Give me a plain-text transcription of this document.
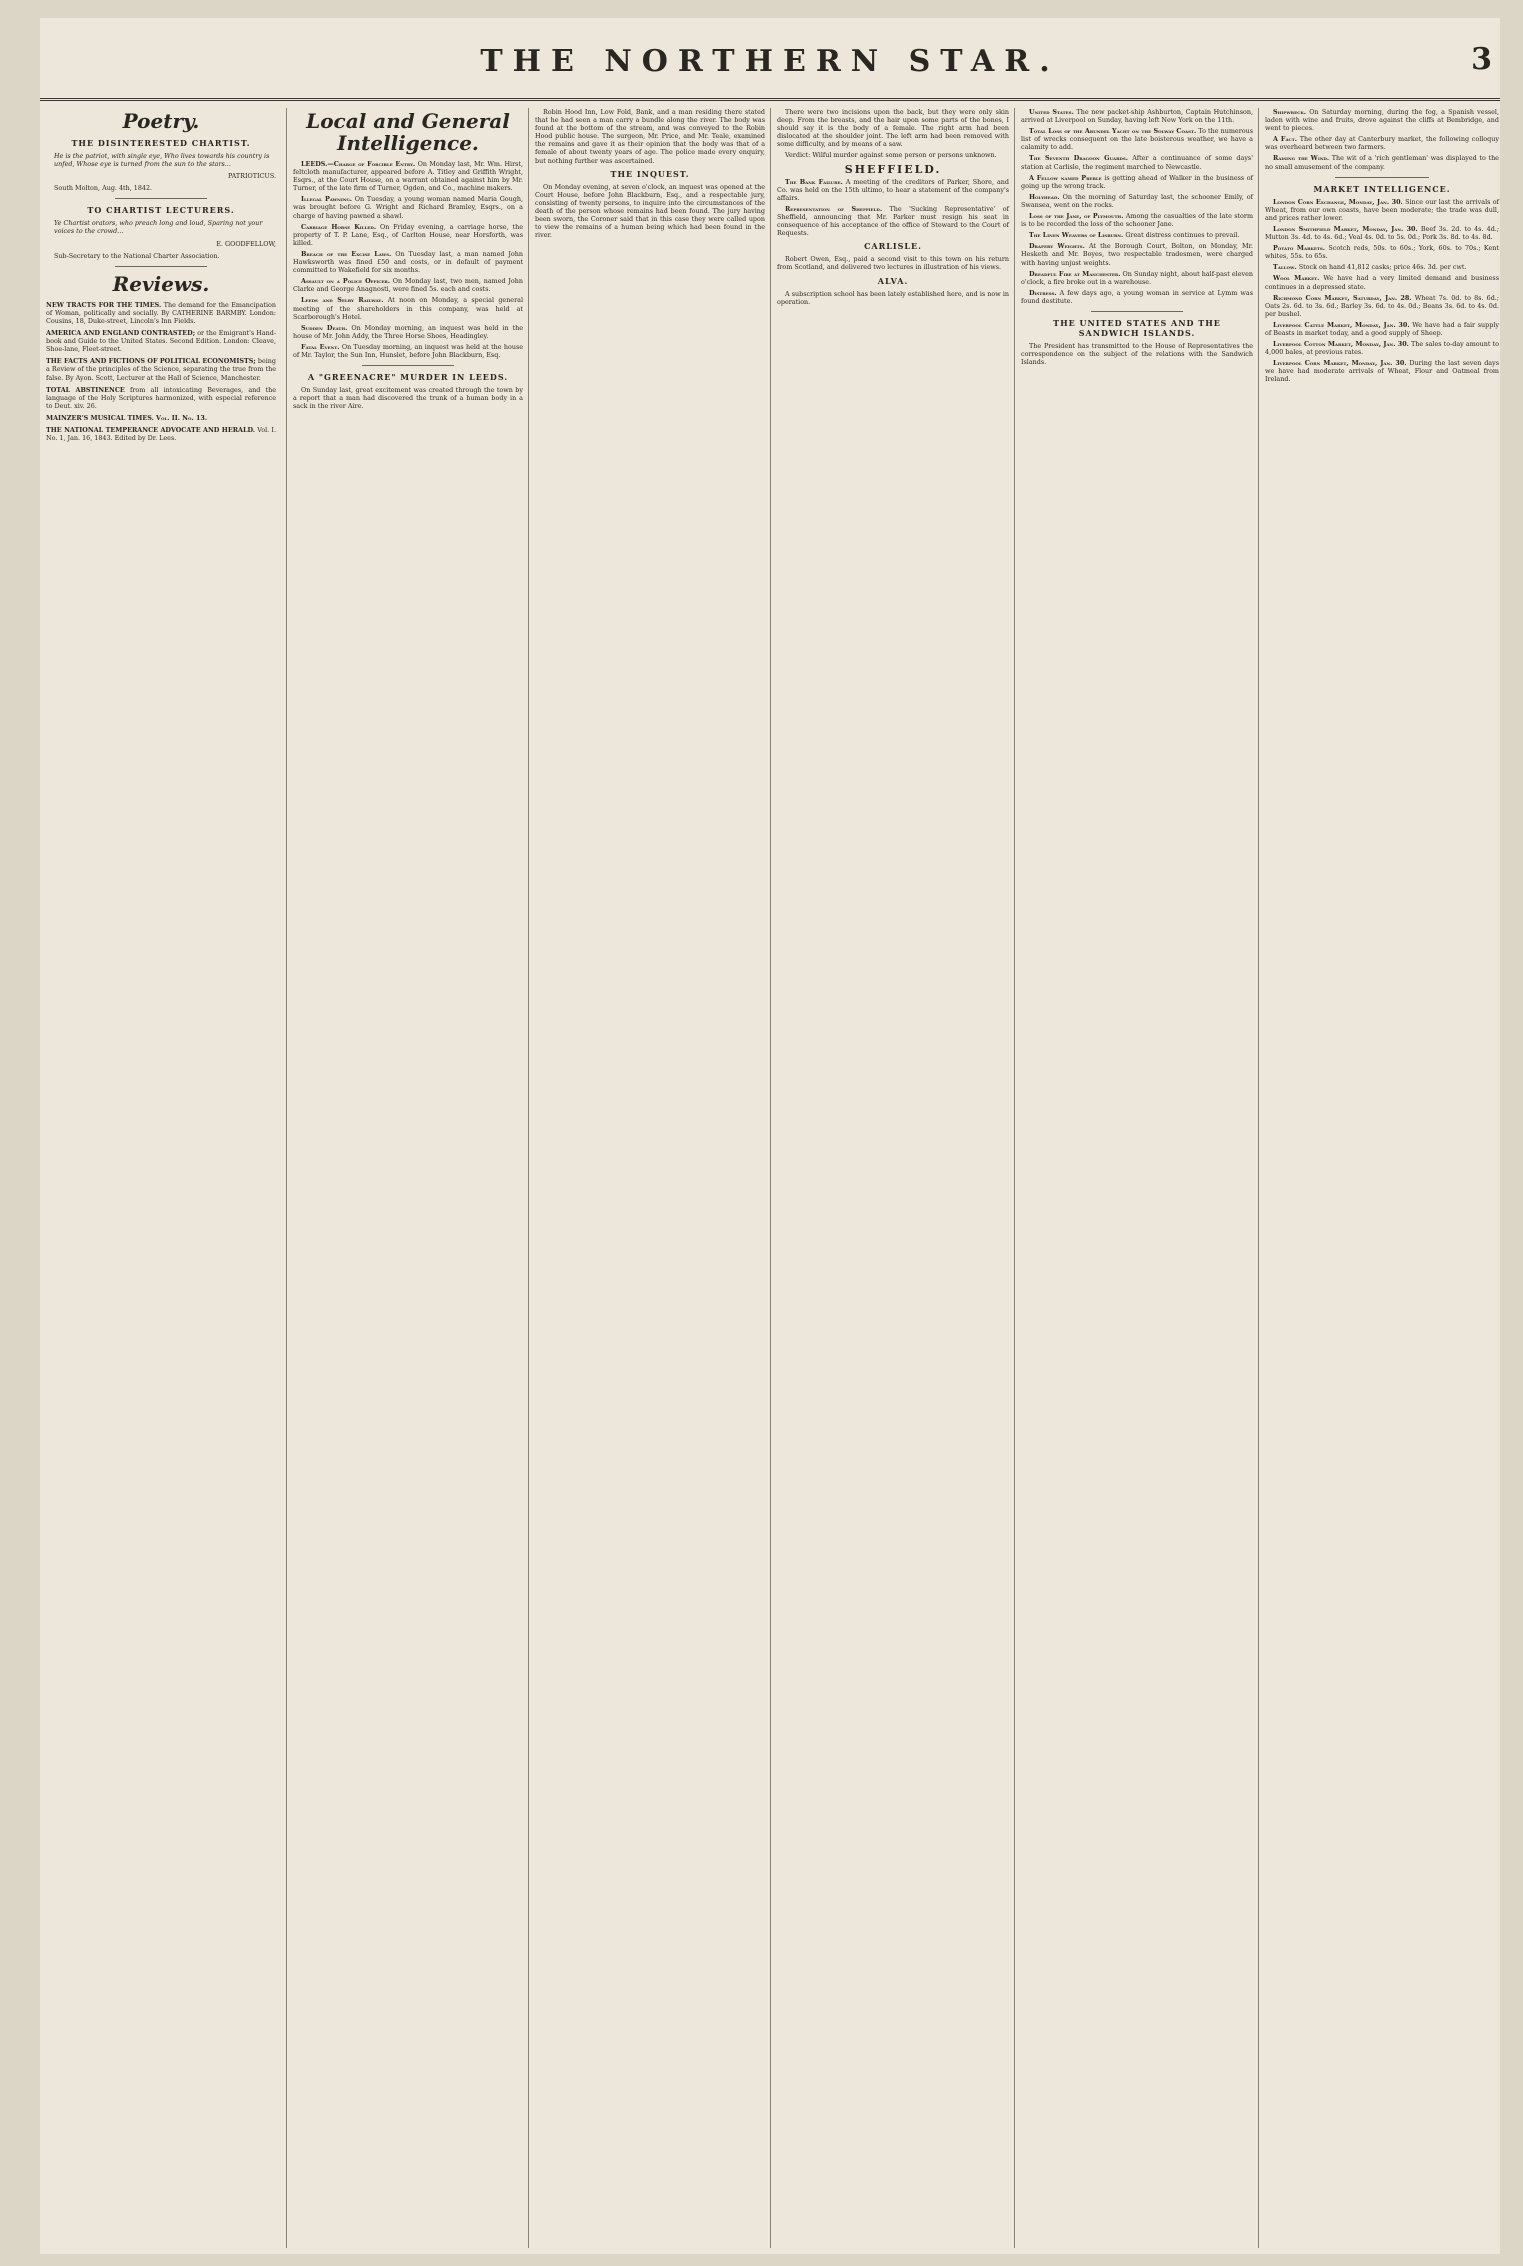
THE NORTHERN STAR.	3
Poetry.
THE DISINTERESTED CHARTIST.
He is the patriot, with single eye, Who lives towards his country is unfed, Whose eye is turned from the sun to the stars...
PATRIOTICUS.
South Molton, Aug. 4th, 1842.
TO CHARTIST LECTURERS.
Ye Chartist orators, who preach long and loud, Sparing not your voices to the crowd...
E. GOODFELLOW,
Sub-Secretary to the National Charter Association.
Reviews.
NEW TRACTS FOR THE TIMES. The demand for the Emancipation of Woman, politically and socially. By CATHERINE BARMBY. London: Cousins, 18, Duke-street, Lincoln's Inn Fields.
AMERICA AND ENGLAND CONTRASTED; or the Emigrant's Hand-book and Guide to the United States. Second Edition. London: Cleave, Shoe-lane, Fleet-street.
THE FACTS AND FICTIONS OF POLITICAL ECONOMISTS; being a Review of the principles of the Science, separating the true from the false. By Ayon. Scott, Lecturer at the Hall of Science, Manchester.
TOTAL ABSTINENCE from all intoxicating Beverages, and the language of the Holy Scriptures harmonized, with especial reference to Deut. xiv. 26.
MAINZER'S MUSICAL TIMES. Vol. II. No. 13.
THE NATIONAL TEMPERANCE ADVOCATE AND HERALD. Vol. I. No. 1, Jan. 16, 1843. Edited by Dr. Lees.
Local and General Intelligence.
LEEDS.—Charge of Forcible Entry. On Monday last, Mr. Wm. Hirst, feltcloth manufacturer, appeared before A. Titley and Griffith Wright, Esqrs., at the Court House, on a warrant obtained against him by Mr. Turner, of the late firm of Turner, Ogden, and Co., machine makers.
Illegal Pawning. On Tuesday, a young woman named Maria Gough, was brought before G. Wright and Richard Bramley, Esqrs., on a charge of having pawned a shawl.
Carriage Horse Killed. On Friday evening, a carriage horse, the property of T. P. Lane, Esq., of Carlton House, near Horsforth, was killed.
Breach of the Excise Laws. On Tuesday last, a man named John Hawksworth was fined £50 and costs, or in default of payment committed to Wakefield for six months.
Assault on a Police Officer. On Monday last, two men, named John Clarke and George Anagnosti, were fined 5s. each and costs.
Leeds and Selby Railway. At noon on Monday, a special general meeting of the shareholders in this company, was held at Scarborough's Hotel.
Sudden Death. On Monday morning, an inquest was held in the house of Mr. John Addy, the Three Horse Shoes, Headingley.
Fatal Event. On Tuesday morning, an inquest was held at the house of Mr. Taylor, the Sun Inn, Hunslet, before John Blackburn, Esq.
A "GREENACRE" MURDER IN LEEDS.
On Sunday last, great excitement was created through the town by a report that a man had discovered the trunk of a human body in a sack in the river Aire.
Robin Hood Inn, Low Fold, Bank, and a man residing there stated that he had seen a man carry a bundle along the river. The body was found at the bottom of the stream, and was conveyed to the Robin Hood public house. The surgeon, Mr. Price, and Mr. Teale, examined the remains and gave it as their opinion that the body was that of a female of about twenty years of age. The police made every enquiry, but nothing further was ascertained.
THE INQUEST.
On Monday evening, at seven o'clock, an inquest was opened at the Court House, before John Blackburn, Esq., and a respectable jury, consisting of twenty persons, to inquire into the circumstances of the death of the person whose remains had been found. The jury having been sworn, the Coroner said that in this case they were called upon to view the remains of a human being which had been found in the river.
There were two incisions upon the back, but they were only skin deep. From the breasts, and the hair upon some parts of the bones, I should say it is the body of a female. The right arm had been dislocated at the shoulder joint. The left arm had been removed with some difficulty, and by means of a saw.
Verdict: Wilful murder against some person or persons unknown.
SHEFFIELD.
The Bank Failure. A meeting of the creditors of Parker, Shore, and Co. was held on the 15th ultimo, to hear a statement of the company's affairs.
Representation of Sheffield. The 'Sucking Representative' of Sheffield, announcing that Mr. Parker must resign his seat in consequence of his acceptance of the office of Steward to the Court of Requests.
CARLISLE.
Robert Owen, Esq., paid a second visit to this town on his return from Scotland, and delivered two lectures in illustration of his views.
ALVA.
A subscription school has been lately established here, and is now in operation.
United States. The new packet-ship Ashburton, Captain Hutchinson, arrived at Liverpool on Sunday, having left New York on the 11th.
Total Loss of the Arundel Yacht on the Solway Coast. To the numerous list of wrecks consequent on the late boisterous weather, we have a calamity to add.
The Seventh Dragoon Guards. After a continuance of some days' station at Carlisle, the regiment marched to Newcastle.
A Fellow named Preble is getting ahead of Walker in the business of going up the wrong track.
Holyhead. On the morning of Saturday last, the schooner Emily, of Swansea, went on the rocks.
Loss of the Jane, of Plymouth. Among the casualties of the late storm is to be recorded the loss of the schooner Jane.
The Linen Weavers of Lisburn. Great distress continues to prevail.
Drapery Weights. At the Borough Court, Bolton, on Monday, Mr. Hesketh and Mr. Boyes, two respectable tradesmen, were charged with having unjust weights.
Dreadful Fire at Manchester. On Sunday night, about half-past eleven o'clock, a fire broke out in a warehouse.
Distress. A few days ago, a young woman in service at Lymm was found destitute.
THE UNITED STATES AND THE SANDWICH ISLANDS.
The President has transmitted to the House of Representatives the correspondence on the subject of the relations with the Sandwich Islands.
Shipwreck. On Saturday morning, during the fog, a Spanish vessel, laden with wine and fruits, drove against the cliffs at Bembridge, and went to pieces.
A Fact. The other day at Canterbury market, the following colloquy was overheard between two farmers.
Raising the Wind. The wit of a 'rich gentleman' was displayed to the no small amusement of the company.
MARKET INTELLIGENCE.
London Corn Exchange, Monday, Jan. 30. Since our last the arrivals of Wheat, from our own coasts, have been moderate; the trade was dull, and prices rather lower.
London Smithfield Market, Monday, Jan. 30. Beef 3s. 2d. to 4s. 4d.; Mutton 3s. 4d. to 4s. 6d.; Veal 4s. 0d. to 5s. 0d.; Pork 3s. 8d. to 4s. 8d.
Potato Markets. Scotch reds, 50s. to 60s.; York, 60s. to 70s.; Kent whites, 55s. to 65s.
Tallow. Stock on hand 41,812 casks; price 46s. 3d. per cwt.
Wool Market. We have had a very limited demand and business continues in a depressed state.
Richmond Corn Market, Saturday, Jan. 28. Wheat 7s. 0d. to 8s. 6d.; Oats 2s. 6d. to 3s. 6d.; Barley 3s. 6d. to 4s. 0d.; Beans 3s. 6d. to 4s. 0d. per bushel.
Liverpool Cattle Market, Monday, Jan. 30. We have had a fair supply of Beasts in market today, and a good supply of Sheep.
Liverpool Cotton Market, Monday, Jan. 30. The sales to-day amount to 4,000 bales, at previous rates.
Liverpool Corn Market, Monday, Jan. 30. During the last seven days we have had moderate arrivals of Wheat, Flour and Oatmeal from Ireland.
